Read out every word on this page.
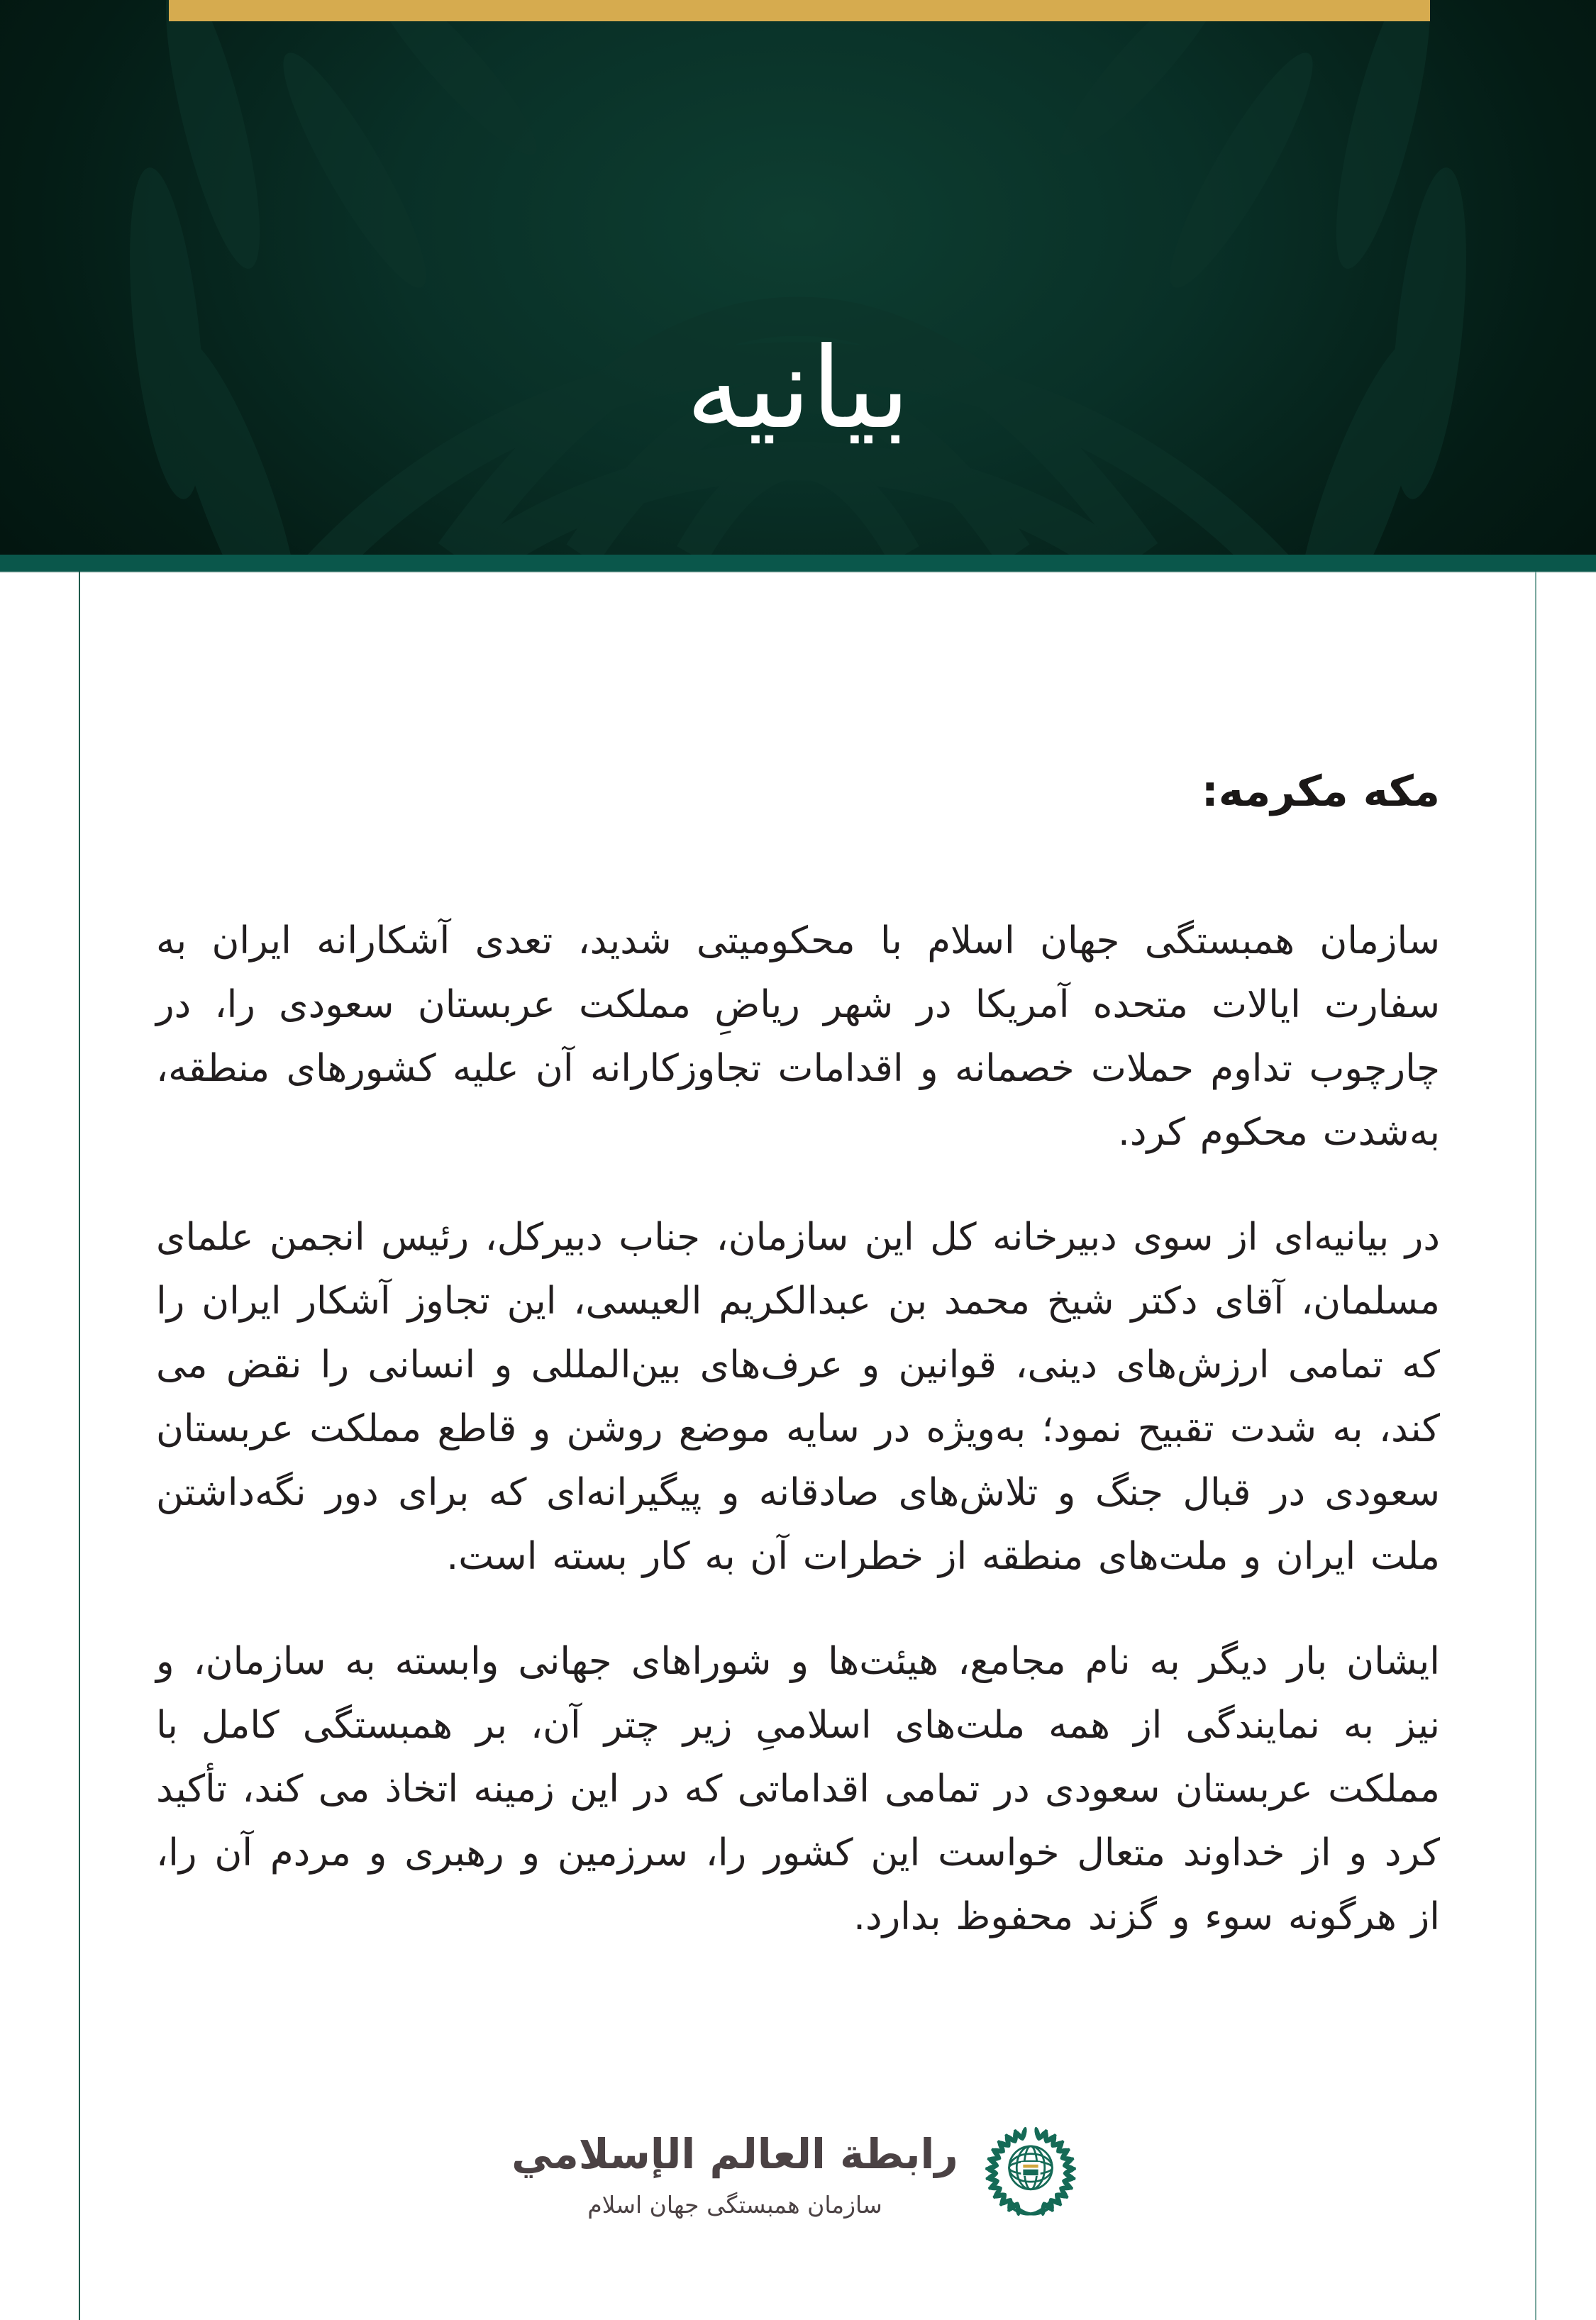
بیانیه
مکه مکرمه:

سازمان همبستگی جهان اسلام با محکومیتی شدید، تعدی آشکارانه ایران به سفارت ایالات متحده آمریکا در شهر ریاضِ مملکت عربستان سعودی را، در چارچوب تداوم حملات خصمانه و اقدامات تجاوزکارانه آن علیه کشورهای منطقه، به‌شدت محکوم کرد.

در بیانیه‌ای از سوی دبیرخانه کل این سازمان، جناب دبیرکل، رئیس انجمن علمای مسلمان، آقای دکتر شیخ محمد بن عبدالکریم العیسی، این تجاوز آشکار ایران را که تمامی ارزش‌های دینی، قوانین و عرف‌های بین‌المللی و انسانی را نقض می کند، به شدت تقبیح نمود؛ به‌ویژه در سایه موضع روشن و قاطع مملکت عربستان سعودی در قبال جنگ و تلاش‌های صادقانه و پیگیرانه‌ای که برای دور نگه‌داشتن ملت ایران و ملت‌های منطقه از خطرات آن به کار بسته است.

ایشان بار دیگر به نام مجامع، هیئت‌ها و شوراهای جهانی وابسته به سازمان، و نیز به نمایندگی از همه ملت‌های اسلامیِ زیر چتر آن، بر همبستگی کامل با مملکت عربستان سعودی در تمامی اقداماتی که در این زمینه اتخاذ می کند، تأکید کرد و از خداوند متعال خواست این کشور را، سرزمین و رهبری و مردم آن را، از هرگونه سوء و گزند محفوظ بدارد.

رابطة العالم الإسلامي
سازمان همبستگی جهان اسلام
